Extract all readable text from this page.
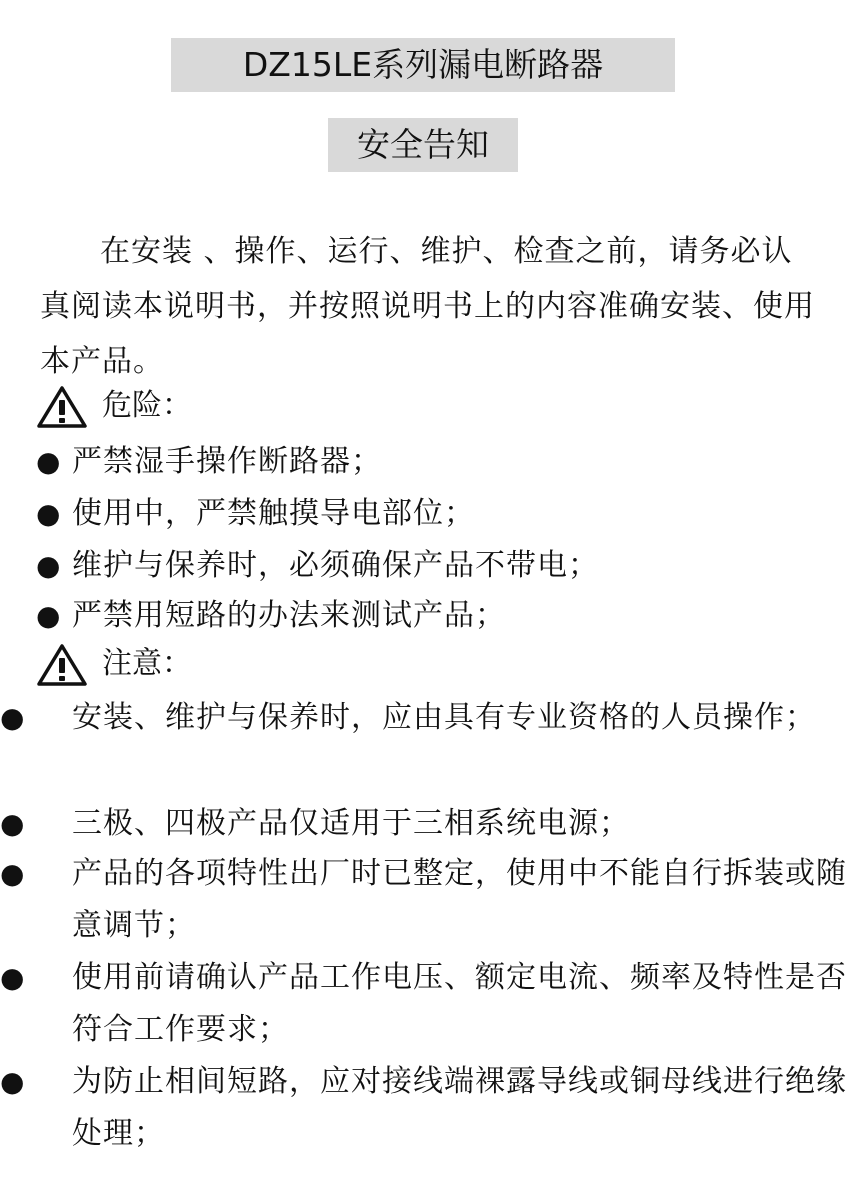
DZ15LE系列漏电断路器
安全告知
在安装 、操作、运行、维护、检查之前，请务必认真阅读本说明书，并按照说明书上的内容准确安装、使用本产品。
危险：
● 严禁湿手操作断路器；
● 使用中，严禁触摸导电部位；
● 维护与保养时，必须确保产品不带电；
● 严禁用短路的办法来测试产品；
注意：
● 安装、维护与保养时，应由具有专业资格的人员操作；
● 三极、四极产品仅适用于三相系统电源；
● 产品的各项特性出厂时已整定，使用中不能自行拆装或随意调节；
● 使用前请确认产品工作电压、额定电流、频率及特性是否符合工作要求；
● 为防止相间短路，应对接线端裸露导线或铜母线进行绝缘处理；
